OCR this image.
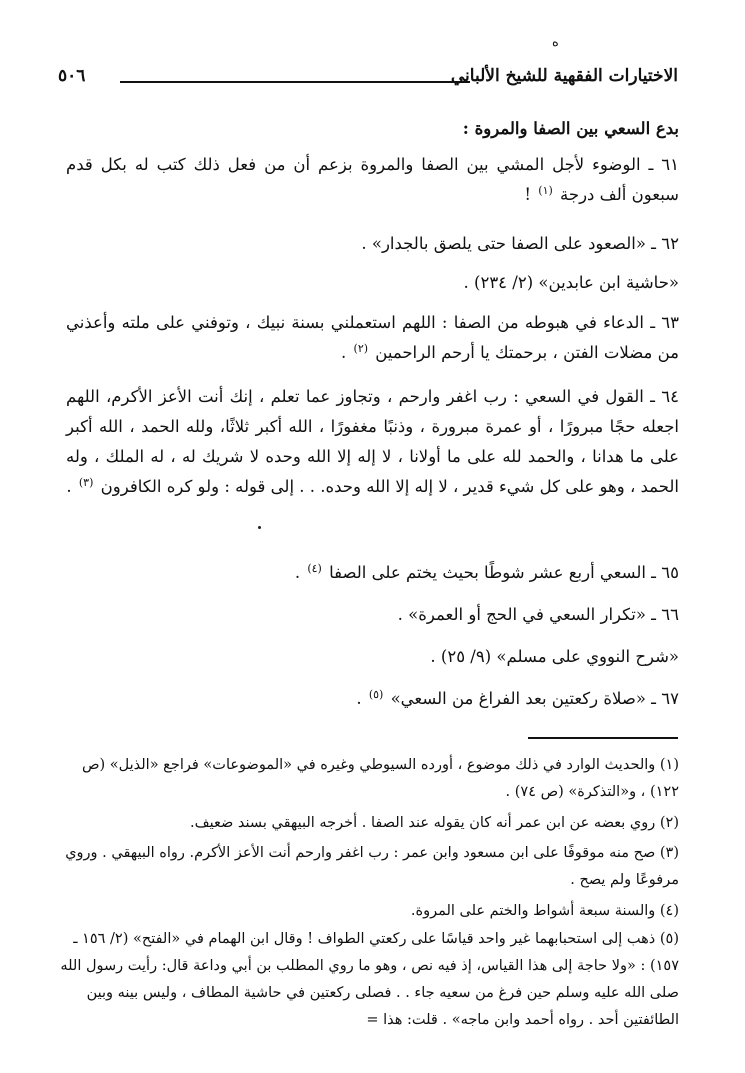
ه
الاختيارات الفقهية للشيخ الألباني
٥٠٦
بدع السعي بين الصفا والمروة :
٦١ ـ الوضوء لأجل المشي بين الصفا والمروة بزعم أن من فعل ذلك كتب له بكل قدم سبعون ألف درجة $^{(١)}$ !
٦٢ ـ «الصعود على الصفا حتى يلصق بالجدار» .
«حاشية ابن عابدين» (٢/ ٢٣٤) .
٦٣ ـ الدعاء في هبوطه من الصفا : اللهم استعملني بسنة نبيك ، وتوفني على ملته وأعذني من مضلات الفتن ، برحمتك يا أرحم الراحمين $^{(٢)}$ .
٦٤ ـ القول في السعي : رب اغفر وارحم ، وتجاوز عما تعلم ، إنك أنت الأعز الأكرم، اللهم اجعله حجًا مبرورًا ، أو عمرة مبرورة ، وذنبًا مغفورًا ، الله أكبر ثلاثًا، ولله الحمد ، الله أكبر على ما هدانا ، والحمد لله على ما أولانا ، لا إله إلا الله وحده لا شريك له ، له الملك ، وله الحمد ، وهو على كل شيء قدير ، لا إله إلا الله وحده. . . إلى قوله : ولو كره الكافرون $^{(٣)}$ .
٦٥ ـ السعي أربع عشر شوطًا بحيث يختم على الصفا $^{(٤)}$ .
٦٦ ـ «تكرار السعي في الحج أو العمرة» .
«شرح النووي على مسلم» (٩/ ٢٥) .
٦٧ ـ «صلاة ركعتين بعد الفراغ من السعي» $^{(٥)}$ .
(١) والحديث الوارد في ذلك موضوع ، أورده السيوطي وغيره في «الموضوعات» فراجع «الذيل» (ص ١٢٢) ، و«التذكرة» (ص ٧٤) .
(٢) روي بعضه عن ابن عمر أنه كان يقوله عند الصفا . أخرجه البيهقي بسند ضعيف.
(٣) صح منه موقوفًا على ابن مسعود وابن عمر : رب اغفر وارحم أنت الأعز الأكرم. رواه البيهقي . وروي مرفوعًا ولم يصح .
(٤) والسنة سبعة أشواط والختم على المروة.
(٥) ذهب إلى استحبابهما غير واحد قياسًا على ركعتي الطواف ! وقال ابن الهمام في «الفتح» (٢/ ١٥٦ ـ ١٥٧) : «ولا حاجة إلى هذا القياس، إذ فيه نص ، وهو ما روي المطلب بن أبي وداعة قال: رأيت رسول الله صلى الله عليه وسلم حين فرغ من سعيه جاء . . فصلى ركعتين في حاشية المطاف ، وليس بينه وبين الطائفتين أحد . رواه أحمد وابن ماجه» . قلت: هذا =
